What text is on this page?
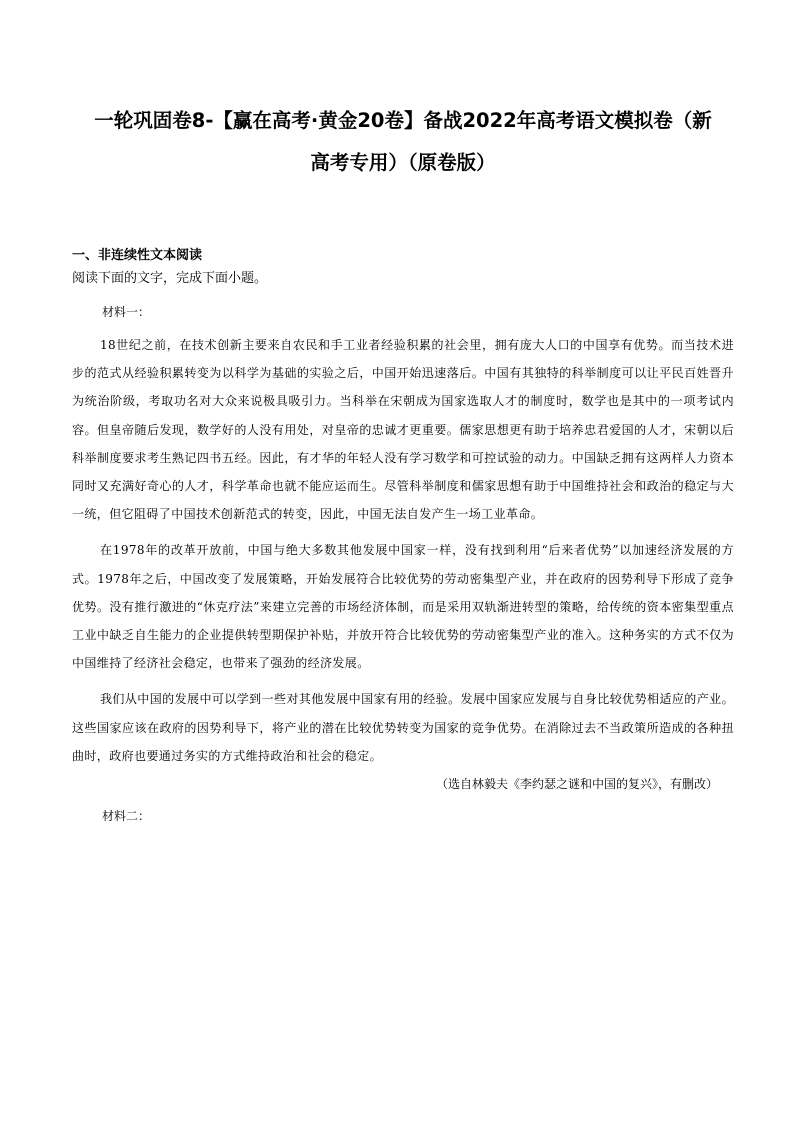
一轮巩固卷8-【赢在高考·黄金20卷】备战2022年高考语文模拟卷（新
高考专用）（原卷版）
一、非连续性文本阅读
阅读下面的文字，完成下面小题。
材料一：

18世纪之前，在技术创新主要来自农民和手工业者经验积累的社会里，拥有庞大人口的中国享有优势。而当技术进步的范式从经验积累转变为以科学为基础的实验之后，中国开始迅速落后。中国有其独特的科举制度可以让平民百姓晋升为统治阶级，考取功名对大众来说极具吸引力。当科举在宋朝成为国家选取人才的制度时，数学也是其中的一项考试内容。但皇帝随后发现，数学好的人没有用处，对皇帝的忠诚才更重要。儒家思想更有助于培养忠君爱国的人才，宋朝以后科举制度要求考生熟记四书五经。因此，有才华的年轻人没有学习数学和可控试验的动力。中国缺乏拥有这两样人力资本同时又充满好奇心的人才，科学革命也就不能应运而生。尽管科举制度和儒家思想有助于中国维持社会和政治的稳定与大一统，但它阻碍了中国技术创新范式的转变，因此，中国无法自发产生一场工业革命。

在1978年的改革开放前，中国与绝大多数其他发展中国家一样，没有找到利用“后来者优势”以加速经济发展的方式。1978年之后，中国改变了发展策略，开始发展符合比较优势的劳动密集型产业，并在政府的因势利导下形成了竞争优势。没有推行激进的“休克疗法”来建立完善的市场经济体制，而是采用双轨渐进转型的策略，给传统的资本密集型重点工业中缺乏自生能力的企业提供转型期保护补贴，并放开符合比较优势的劳动密集型产业的准入。这种务实的方式不仅为中国维持了经济社会稳定，也带来了强劲的经济发展。

我们从中国的发展中可以学到一些对其他发展中国家有用的经验。发展中国家应发展与自身比较优势相适应的产业。这些国家应该在政府的因势利导下，将产业的潜在比较优势转变为国家的竞争优势。在消除过去不当政策所造成的各种扭曲时，政府也要通过务实的方式维持政治和社会的稳定。

（选自林毅夫《李约瑟之谜和中国的复兴》，有删改）
材料二：
